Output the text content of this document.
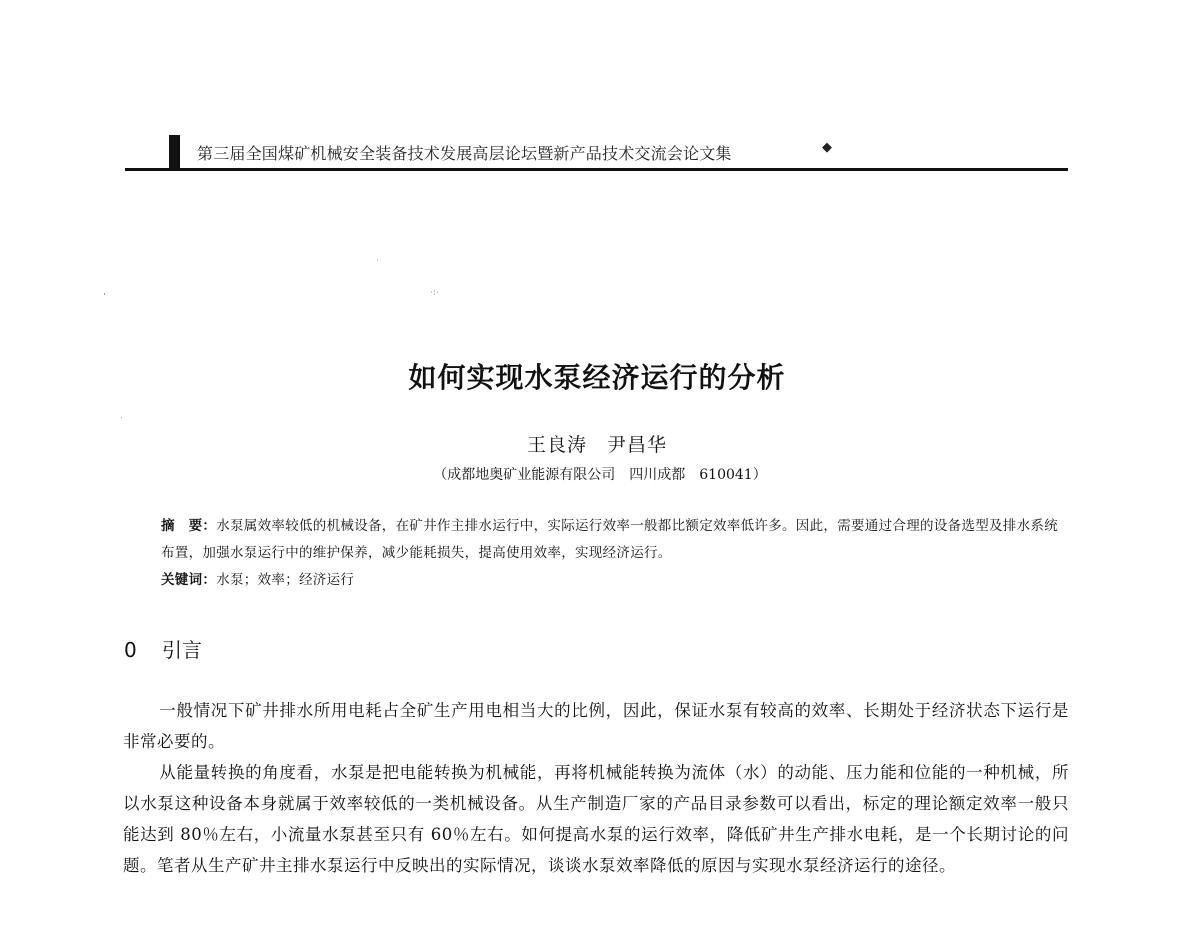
第三届全国煤矿机械安全装备技术发展高层论坛暨新产品技术交流会论文集	◆
·
·:·
·
·
如何实现水泵经济运行的分析
王良涛　尹昌华
（成都地奥矿业能源有限公司　四川成都　610041）

摘　要：水泵属效率较低的机械设备，在矿井作主排水运行中，实际运行效率一般都比额定效率低许多。因此，需要通过合理的设备选型及排水系统布置，加强水泵运行中的维护保养，减少能耗损失，提高使用效率，实现经济运行。

关键词：水泵；效率；经济运行

0 引言

一般情况下矿井排水所用电耗占全矿生产用电相当大的比例，因此，保证水泵有较高的效率、长期处于经济状态下运行是非常必要的。

从能量转换的角度看，水泵是把电能转换为机械能，再将机械能转换为流体（水）的动能、压力能和位能的一种机械，所以水泵这种设备本身就属于效率较低的一类机械设备。从生产制造厂家的产品目录参数可以看出，标定的理论额定效率一般只能达到 80％左右，小流量水泵甚至只有 60％左右。如何提高水泵的运行效率，降低矿井生产排水电耗，是一个长期讨论的问题。笔者从生产矿井主排水泵运行中反映出的实际情况，谈谈水泵效率降低的原因与实现水泵经济运行的途径。
